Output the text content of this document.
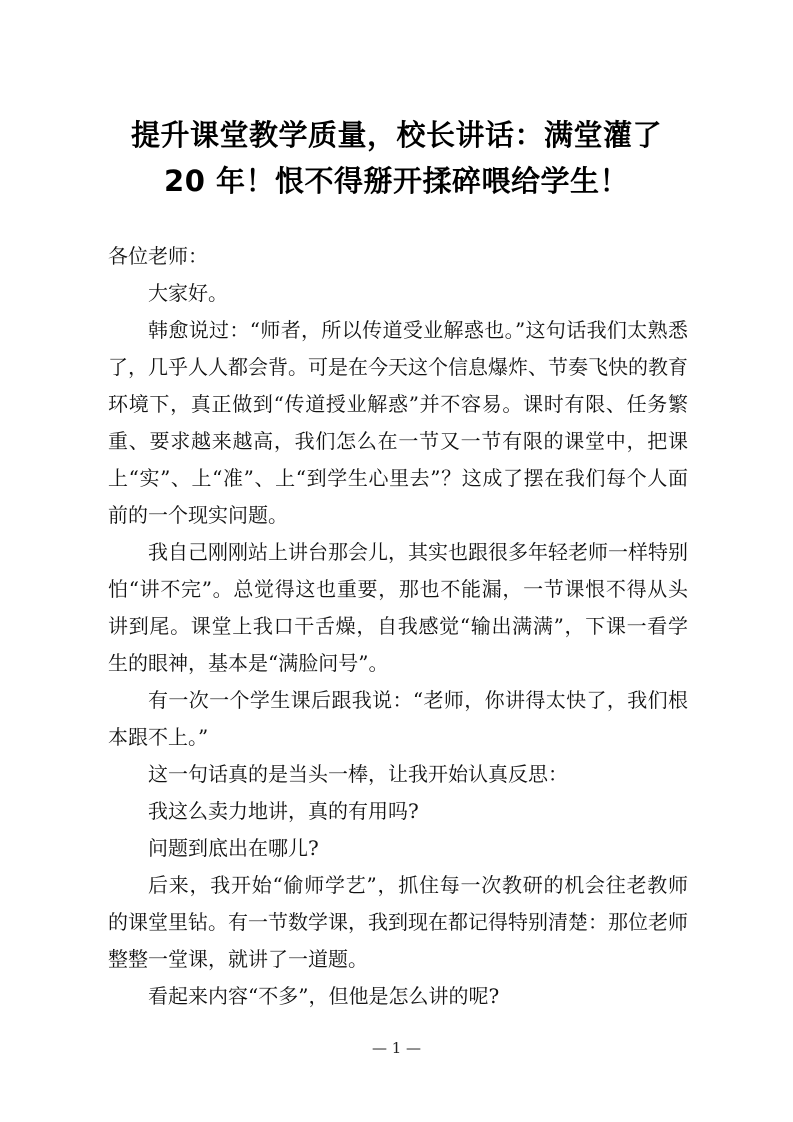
提升课堂教学质量，校长讲话：满堂灌了
20 年！恨不得掰开揉碎喂给学生！

各位老师：

大家好。

韩愈说过：“师者，所以传道受业解惑也。”这句话我们太熟悉了，几乎人人都会背。可是在今天这个信息爆炸、节奏飞快的教育环境下，真正做到“传道授业解惑”并不容易。课时有限、任务繁重、要求越来越高，我们怎么在一节又一节有限的课堂中，把课上“实”、上“准”、上“到学生心里去”？这成了摆在我们每个人面前的一个现实问题。

我自己刚刚站上讲台那会儿，其实也跟很多年轻老师一样特别怕“讲不完”。总觉得这也重要，那也不能漏，一节课恨不得从头讲到尾。课堂上我口干舌燥，自我感觉“输出满满”，下课一看学生的眼神，基本是“满脸问号”。

有一次一个学生课后跟我说：“老师，你讲得太快了，我们根本跟不上。”

这一句话真的是当头一棒，让我开始认真反思：

我这么卖力地讲，真的有用吗?

问题到底出在哪儿?

后来，我开始“偷师学艺”，抓住每一次教研的机会往老教师的课堂里钻。有一节数学课，我到现在都记得特别清楚：那位老师整整一堂课，就讲了一道题。

看起来内容“不多”，但他是怎么讲的呢?

— 1 —
